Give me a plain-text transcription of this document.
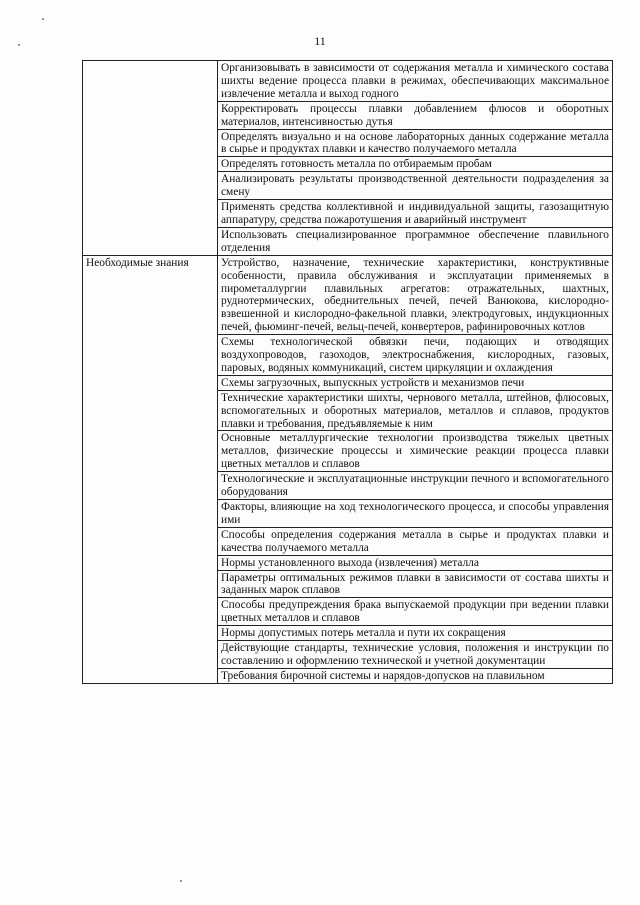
11
	Организовывать в зависимости от содержания металла и химического состава шихты ведение процесса плавки в режимах, обеспечивающих максимальное извлечение металла и выход годного
	Корректировать процессы плавки добавлением флюсов и оборотных материалов, интенсивностью дутья
	Определять визуально и на основе лабораторных данных содержание металла в сырье и продуктах плавки и качество получаемого металла
	Определять готовность металла по отбираемым пробам
	Анализировать результаты производственной деятельности подразделения за смену
	Применять средства коллективной и индивидуальной защиты, газозащитную аппаратуру, средства пожаротушения и аварийный инструмент
	Использовать специализированное программное обеспечение плавильного отделения
Необходимые знания	Устройство, назначение, технические характеристики, конструктивные особенности, правила обслуживания и эксплуатации применяемых в пирометаллургии плавильных агрегатов: отражательных, шахтных, руднотермических, обеднительных печей, печей Ванюкова, кислородно-взвешенной и кислородно-факельной плавки, электродуговых, индукционных печей, фьюминг-печей, вельц-печей, конвертеров, рафинировочных котлов
	Схемы технологической обвязки печи, подающих и отводящих воздухопроводов, газоходов, электроснабжения, кислородных, газовых, паровых, водяных коммуникаций, систем циркуляции и охлаждения
	Схемы загрузочных, выпускных устройств и механизмов печи
	Технические характеристики шихты, чернового металла, штейнов, флюсовых, вспомогательных и оборотных материалов, металлов и сплавов, продуктов плавки и требования, предъявляемые к ним
	Основные металлургические технологии производства тяжелых цветных металлов, физические процессы и химические реакции процесса плавки цветных металлов и сплавов
	Технологические и эксплуатационные инструкции печного и вспомогательного оборудования
	Факторы, влияющие на ход технологического процесса, и способы управления ими
	Способы определения содержания металла в сырье и продуктах плавки и качества получаемого металла
	Нормы установленного выхода (извлечения) металла
	Параметры оптимальных режимов плавки в зависимости от состава шихты и заданных марок сплавов
	Способы предупреждения брака выпускаемой продукции при ведении плавки цветных металлов и сплавов
	Нормы допустимых потерь металла и пути их сокращения
	Действующие стандарты, технические условия, положения и инструкции по составлению и оформлению технической и учетной документации
	Требования бирочной системы и нарядов-допусков на плавильном
